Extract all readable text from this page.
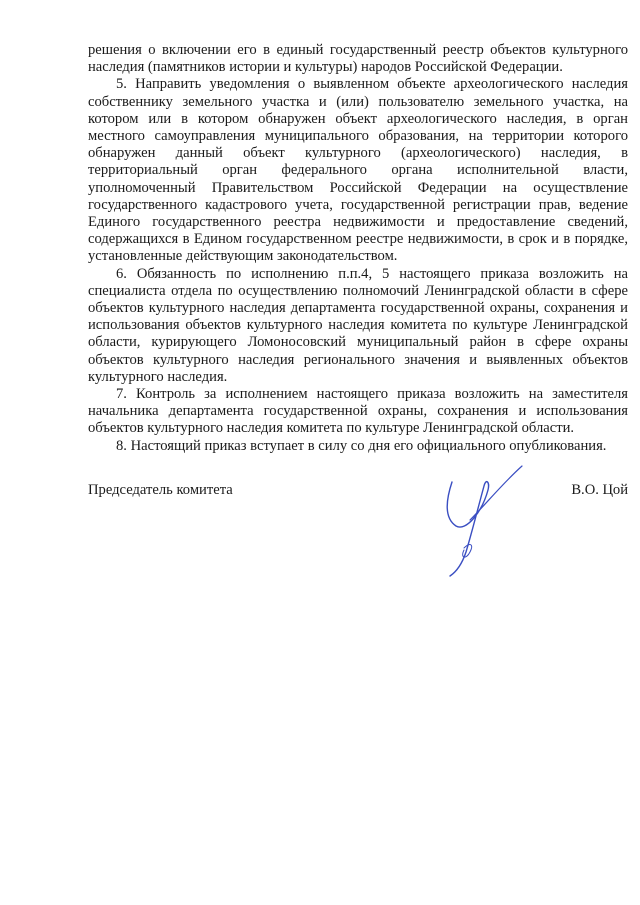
решения о включении его в единый государственный реестр объектов культурного наследия (памятников истории и культуры) народов Российской Федерации.

5. Направить уведомления о выявленном объекте археологического наследия собственнику земельного участка и (или) пользователю земельного участка, на котором или в котором обнаружен объект археологического наследия, в орган местного самоуправления муниципального образования, на территории которого обнаружен данный объект культурного (археологического) наследия, в территориальный орган федерального органа исполнительной власти, уполномоченный Правительством Российской Федерации на осуществление государственного кадастрового учета, государственной регистрации прав, ведение Единого государственного реестра недвижимости и предоставление сведений, содержащихся в Едином государственном реестре недвижимости, в срок и в порядке, установленные действующим законодательством.

6. Обязанность по исполнению п.п.4, 5 настоящего приказа возложить на специалиста отдела по осуществлению полномочий Ленинградской области в сфере объектов культурного наследия департамента государственной охраны, сохранения и использования объектов культурного наследия комитета по культуре Ленинградской области, курирующего Ломоносовский муниципальный район в сфере охраны объектов культурного наследия регионального значения и выявленных объектов культурного наследия.

7. Контроль за исполнением настоящего приказа возложить на заместителя начальника департамента государственной охраны, сохранения и использования объектов культурного наследия комитета по культуре Ленинградской области.

8. Настоящий приказ вступает в силу со дня его официального опубликования.

Председатель комитета	В.О. Цой
